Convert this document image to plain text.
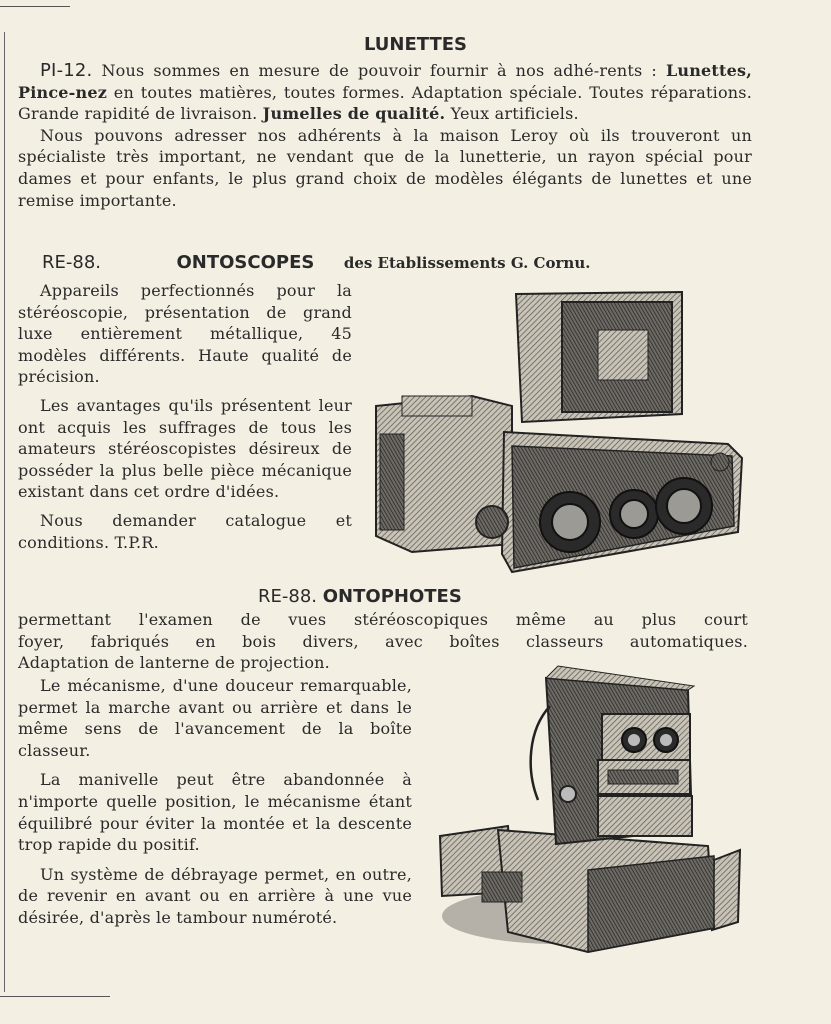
LUNETTES

PI-12. Nous sommes en mesure de pouvoir fournir à nos adhé-rents : Lunettes, Pince-nez en toutes matières, toutes formes. Adaptation spéciale. Toutes réparations. Grande rapidité de livraison. Jumelles de qualité. Yeux artificiels.

Nous pouvons adresser nos adhérents à la maison Leroy où ils trouveront un spécialiste très important, ne vendant que de la lunetterie, un rayon spécial pour dames et pour enfants, le plus grand choix de modèles élégants de lunettes et une remise importante.

RE-88.	ONTOSCOPES des Etablissements G. Cornu.

Appareils perfectionnés pour la stéréoscopie, présentation de grand luxe entièrement métallique, 45 modèles différents. Haute qualité de précision.

Les avantages qu'ils présentent leur ont acquis les suffrages de tous les amateurs stéréoscopistes désireux de posséder la plus belle pièce mécanique existant dans cet ordre d'idées.

Nous demander catalogue et conditions. T.P.R.

RE-88. ONTOPHOTES

permettant l'examen de vues stéréoscopiques même au plus court

foyer, fabriqués en bois divers, avec boîtes classeurs automatiques.

Adaptation de lanterne de projection.

Le mécanisme, d'une douceur remarquable, permet la marche avant ou arrière et dans le même sens de l'avancement de la boîte classeur.

La manivelle peut être abandonnée à n'importe quelle position, le mécanisme étant équilibré pour éviter la montée et la descente trop rapide du positif.

Un système de débrayage permet, en outre, de revenir en avant ou en arrière à une vue désirée, d'après le tambour numéroté.
